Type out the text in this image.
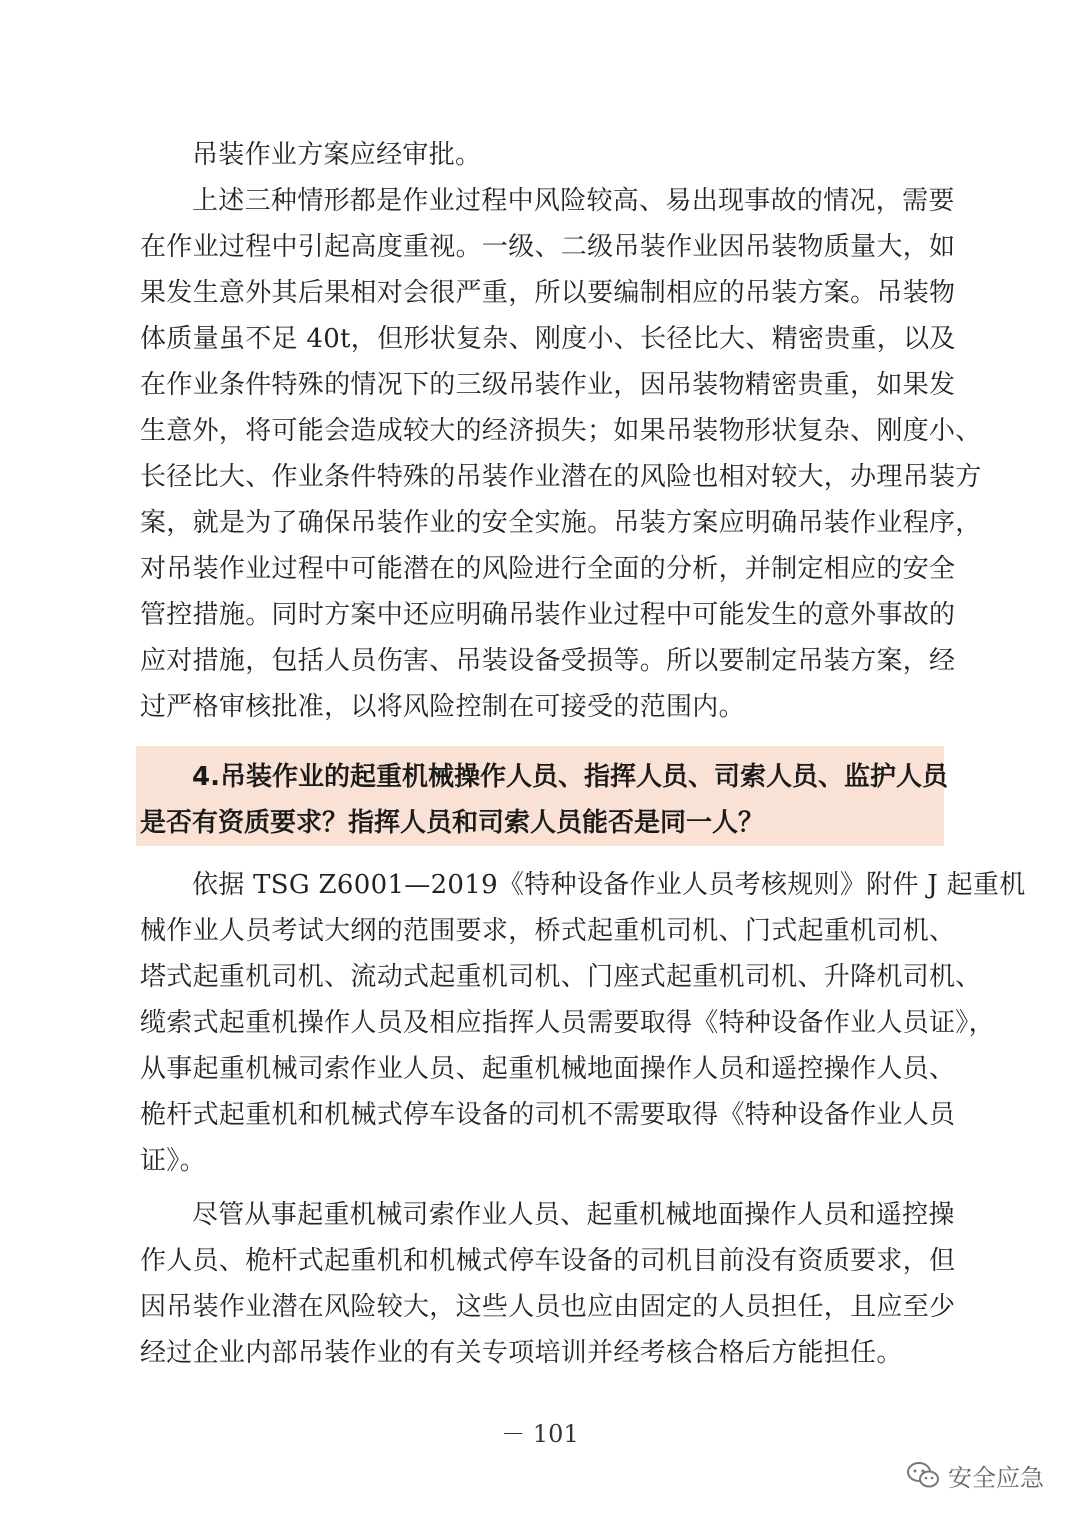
吊装作业方案应经审批。
上述三种情形都是作业过程中风险较高、易出现事故的情况，需要
在作业过程中引起高度重视。一级、二级吊装作业因吊装物质量大，如
果发生意外其后果相对会很严重，所以要编制相应的吊装方案。吊装物
体质量虽不足 40t，但形状复杂、刚度小、长径比大、精密贵重，以及
在作业条件特殊的情况下的三级吊装作业，因吊装物精密贵重，如果发
生意外，将可能会造成较大的经济损失；如果吊装物形状复杂、刚度小、
长径比大、作业条件特殊的吊装作业潜在的风险也相对较大，办理吊装方
案，就是为了确保吊装作业的安全实施。吊装方案应明确吊装作业程序，
对吊装作业过程中可能潜在的风险进行全面的分析，并制定相应的安全
管控措施。同时方案中还应明确吊装作业过程中可能发生的意外事故的
应对措施，包括人员伤害、吊装设备受损等。所以要制定吊装方案，经
过严格审核批准，以将风险控制在可接受的范围内。
4.吊装作业的起重机械操作人员、指挥人员、司索人员、监护人员
是否有资质要求？指挥人员和司索人员能否是同一人？
依据 TSG Z6001—2019《特种设备作业人员考核规则》附件 J 起重机
械作业人员考试大纲的范围要求，桥式起重机司机、门式起重机司机、
塔式起重机司机、流动式起重机司机、门座式起重机司机、升降机司机、
缆索式起重机操作人员及相应指挥人员需要取得《特种设备作业人员证》，
从事起重机械司索作业人员、起重机械地面操作人员和遥控操作人员、
桅杆式起重机和机械式停车设备的司机不需要取得《特种设备作业人员
证》。
尽管从事起重机械司索作业人员、起重机械地面操作人员和遥控操
作人员、桅杆式起重机和机械式停车设备的司机目前没有资质要求，但
因吊装作业潜在风险较大，这些人员也应由固定的人员担任，且应至少
经过企业内部吊装作业的有关专项培训并经考核合格后方能担任。
－ 101
安全应急
